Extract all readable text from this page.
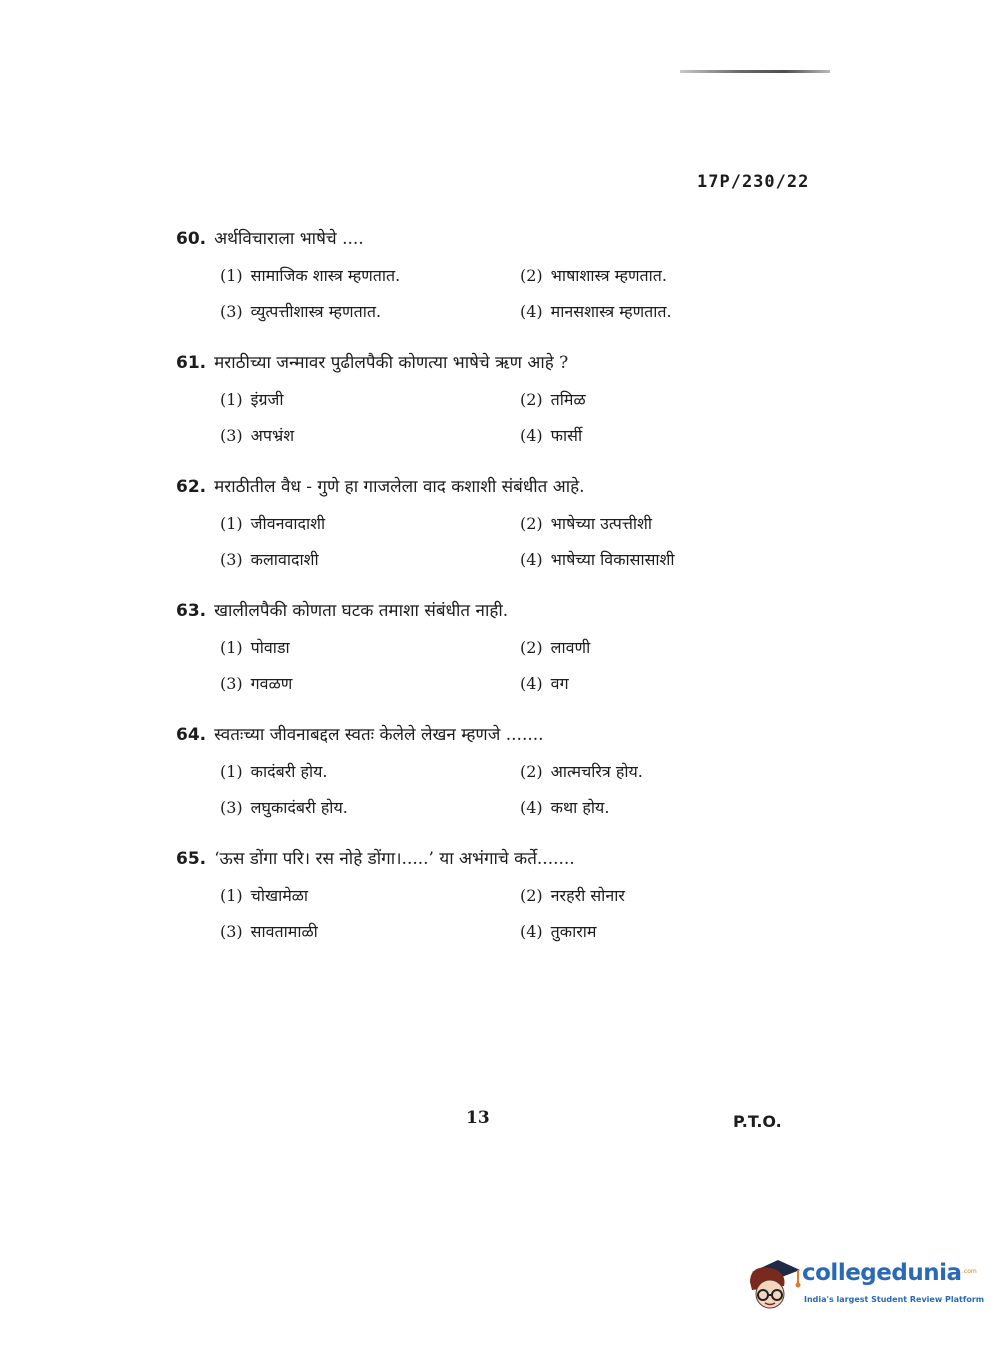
17P/230/22
60. अर्थविचाराला भाषेचे ....
(1) सामाजिक शास्त्र म्हणतात.	(2) भाषाशास्त्र म्हणतात.
(3) व्युत्पत्तीशास्त्र म्हणतात.	(4) मानसशास्त्र म्हणतात.
61. मराठीच्या जन्मावर पुढीलपैकी कोणत्या भाषेचे ऋण आहे ?
(1) इंग्रजी	(2) तमिळ
(3) अपभ्रंश	(4) फार्सी
62. मराठीतील वैध - गुणे हा गाजलेला वाद कशाशी संबंधीत आहे.
(1) जीवनवादाशी	(2) भाषेच्या उत्पत्तीशी
(3) कलावादाशी	(4) भाषेच्या विकासासाशी
63. खालीलपैकी कोणता घटक तमाशा संबंधीत नाही.
(1) पोवाडा	(2) लावणी
(3) गवळण	(4) वग
64. स्वतःच्या जीवनाबद्दल स्वतः केलेले लेखन म्हणजे .......
(1) कादंबरी होय.	(2) आत्मचरित्र होय.
(3) लघुकादंबरी होय.	(4) कथा होय.
65. ‘ऊस डोंगा परि। रस नोहे डोंगा।.....’ या अभंगाचे कर्ते.......
(1) चोखामेळा	(2) नरहरी सोनार
(3) सावतामाळी	(4) तुकाराम
13	P.T.O.
collegedunia .com
India's largest Student Review Platform
